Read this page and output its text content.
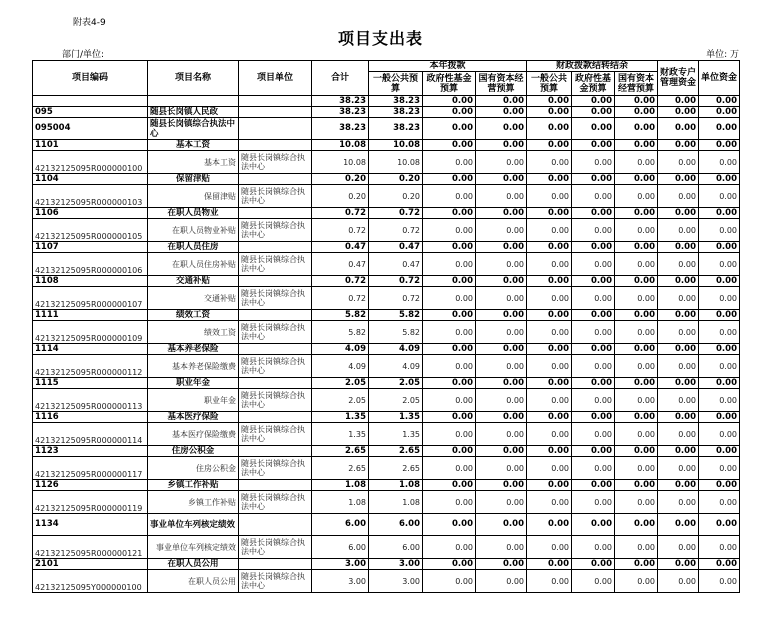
附表4-9
项目支出表
部门/单位:	单位: 万
项目编码	项目名称	项目单位	合计	本年拨款			财政拨款结转结余			财政专户管理资金	单位资金
				一般公共预算	政府性基金预算	国有资本经营预算	一般公共预算	政府性基金预算	国有资本经营预算		
			38.23	38.23	0.00	0.00	0.00	0.00	0.00	0.00	0.00
095	随县长岗镇人民政		38.23	38.23	0.00	0.00	0.00	0.00	0.00	0.00	0.00
095004	随县长岗镇综合执法中心		38.23	38.23	0.00	0.00	0.00	0.00	0.00	0.00	0.00
1101	基本工资		10.08	10.08	0.00	0.00	0.00	0.00	0.00	0.00	0.00
42132125095R000000100	基本工资	随县长岗镇综合执法中心	10.08	10.08	0.00	0.00	0.00	0.00	0.00	0.00	0.00
1104	保留津贴		0.20	0.20	0.00	0.00	0.00	0.00	0.00	0.00	0.00
42132125095R000000103	保留津贴	随县长岗镇综合执法中心	0.20	0.20	0.00	0.00	0.00	0.00	0.00	0.00	0.00
1106	在职人员物业		0.72	0.72	0.00	0.00	0.00	0.00	0.00	0.00	0.00
42132125095R000000105	在职人员物业补贴	随县长岗镇综合执法中心	0.72	0.72	0.00	0.00	0.00	0.00	0.00	0.00	0.00
1107	在职人员住房		0.47	0.47	0.00	0.00	0.00	0.00	0.00	0.00	0.00
42132125095R000000106	在职人员住房补贴	随县长岗镇综合执法中心	0.47	0.47	0.00	0.00	0.00	0.00	0.00	0.00	0.00
1108	交通补贴		0.72	0.72	0.00	0.00	0.00	0.00	0.00	0.00	0.00
42132125095R000000107	交通补贴	随县长岗镇综合执法中心	0.72	0.72	0.00	0.00	0.00	0.00	0.00	0.00	0.00
1111	绩效工资		5.82	5.82	0.00	0.00	0.00	0.00	0.00	0.00	0.00
42132125095R000000109	绩效工资	随县长岗镇综合执法中心	5.82	5.82	0.00	0.00	0.00	0.00	0.00	0.00	0.00
1114	基本养老保险		4.09	4.09	0.00	0.00	0.00	0.00	0.00	0.00	0.00
42132125095R000000112	基本养老保险缴费	随县长岗镇综合执法中心	4.09	4.09	0.00	0.00	0.00	0.00	0.00	0.00	0.00
1115	职业年金		2.05	2.05	0.00	0.00	0.00	0.00	0.00	0.00	0.00
42132125095R000000113	职业年金	随县长岗镇综合执法中心	2.05	2.05	0.00	0.00	0.00	0.00	0.00	0.00	0.00
1116	基本医疗保险		1.35	1.35	0.00	0.00	0.00	0.00	0.00	0.00	0.00
42132125095R000000114	基本医疗保险缴费	随县长岗镇综合执法中心	1.35	1.35	0.00	0.00	0.00	0.00	0.00	0.00	0.00
1123	住房公积金		2.65	2.65	0.00	0.00	0.00	0.00	0.00	0.00	0.00
42132125095R000000117	住房公积金	随县长岗镇综合执法中心	2.65	2.65	0.00	0.00	0.00	0.00	0.00	0.00	0.00
1126	乡镇工作补贴		1.08	1.08	0.00	0.00	0.00	0.00	0.00	0.00	0.00
42132125095R000000119	乡镇工作补贴	随县长岗镇综合执法中心	1.08	1.08	0.00	0.00	0.00	0.00	0.00	0.00	0.00
1134	事业单位车列核定绩效		6.00	6.00	0.00	0.00	0.00	0.00	0.00	0.00	0.00
42132125095R000000121	事业单位车列核定绩效	随县长岗镇综合执法中心	6.00	6.00	0.00	0.00	0.00	0.00	0.00	0.00	0.00
2101	在职人员公用		3.00	3.00	0.00	0.00	0.00	0.00	0.00	0.00	0.00
42132125095Y000000100	在职人员公用	随县长岗镇综合执法中心	3.00	3.00	0.00	0.00	0.00	0.00	0.00	0.00	0.00
